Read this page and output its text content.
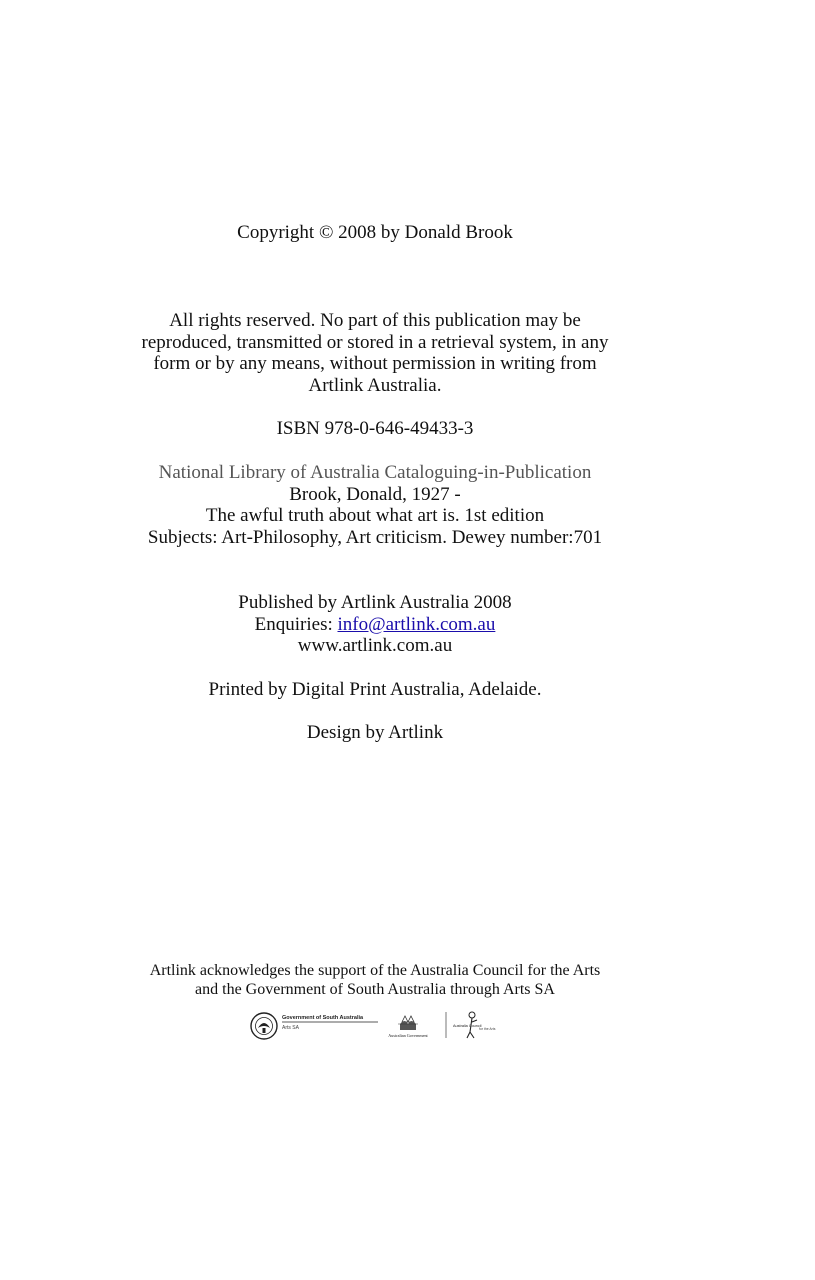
Copyright © 2008 by Donald Brook
All rights reserved. No part of this publication may be
reproduced, transmitted or stored in a retrieval system, in any
form or by any means, without permission in writing from
Artlink Australia.
ISBN 978-0-646-49433-3
National Library of Australia Cataloguing-in-Publication
Brook, Donald, 1927 -
The awful truth about what art is. 1st edition
Subjects: Art-Philosophy, Art criticism. Dewey number:701
Published by Artlink Australia 2008
Enquiries: info@artlink.com.au
www.artlink.com.au
Printed by Digital Print Australia, Adelaide.
Design by Artlink
Artlink acknowledges the support of the Australia Council for the Arts
and the Government of South Australia through Arts SA
Government of South Australia
Arts SA
Australian Government
Australia Council
for the Arts
